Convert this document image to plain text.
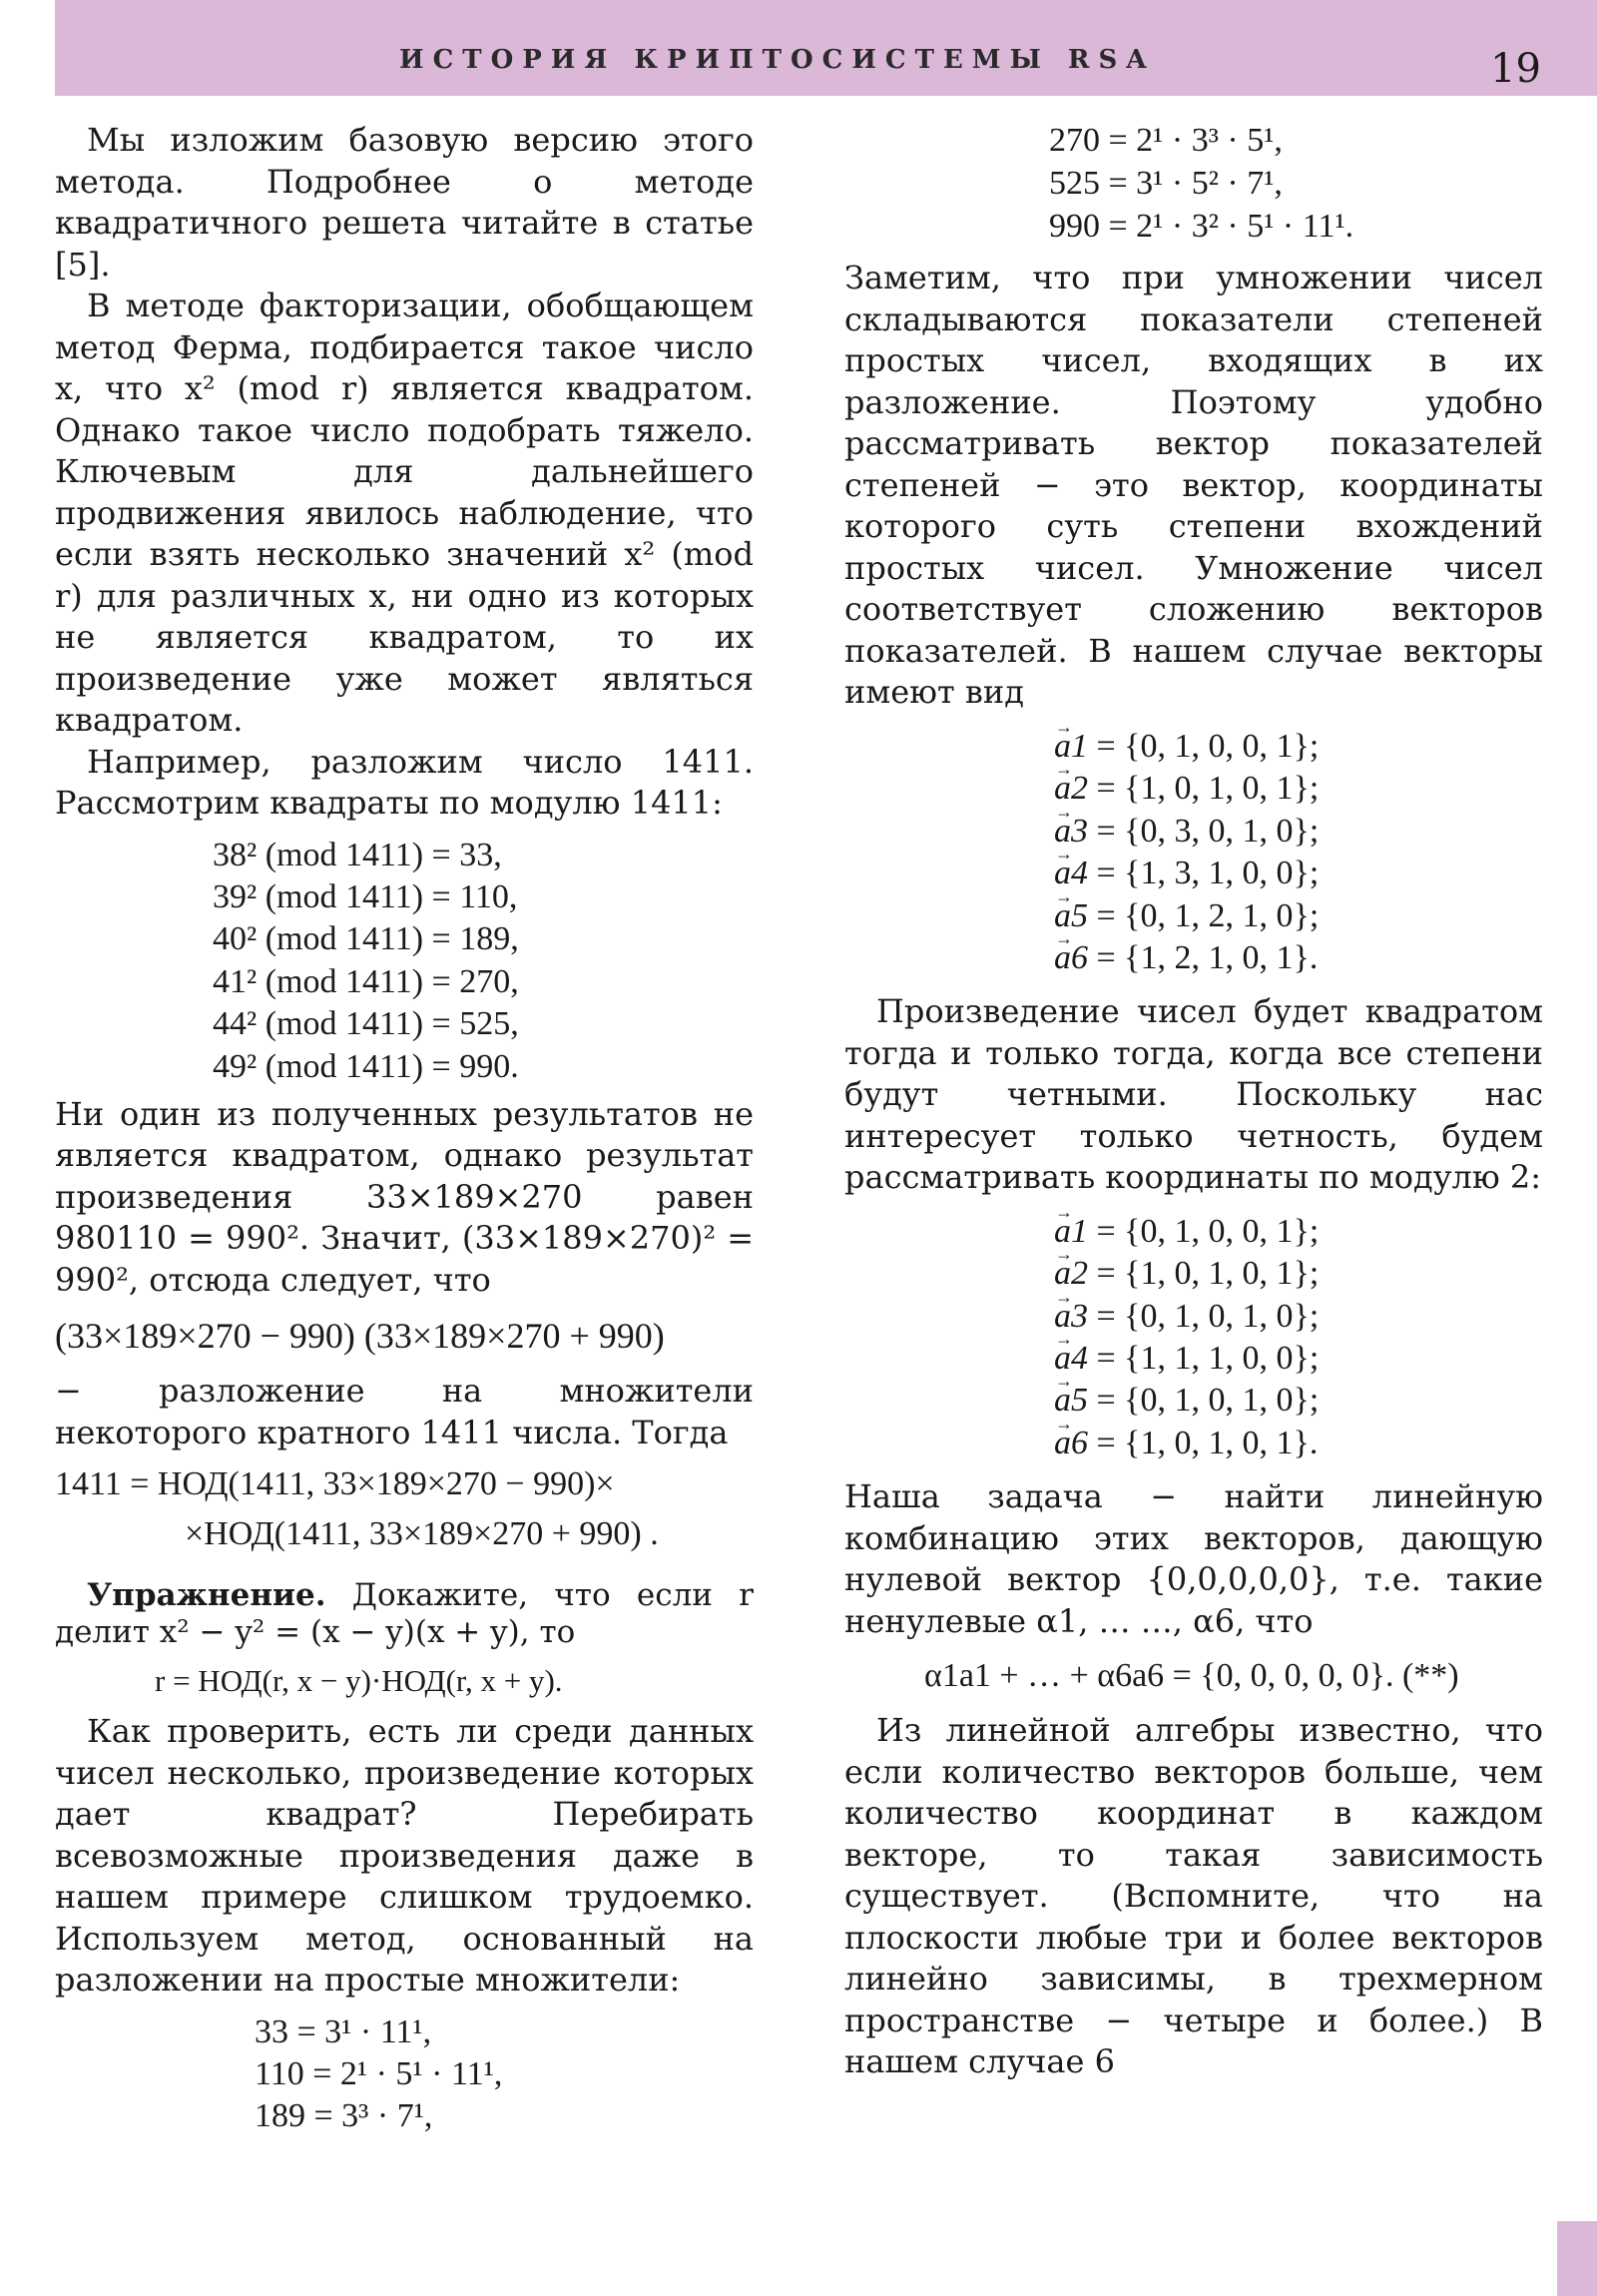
ИСТОРИЯ КРИПТОСИСТЕМЫ RSA	19

Мы изложим базовую версию этого метода. Подробнее о методе квадратичного решета читайте в статье [5].

В методе факторизации, обобщающем метод Ферма, подбирается такое число x, что x² (mod r) является квадратом. Однако такое число подобрать тяжело. Ключевым для дальнейшего продвижения явилось наблюдение, что если взять несколько значений x² (mod r) для различных x, ни одно из которых не является квадратом, то их произведение уже может являться квадратом.

Например, разложим число 1411. Рассмотрим квадраты по модулю 1411:

38² (mod 1411) = 33,
39² (mod 1411) = 110,
40² (mod 1411) = 189,
41² (mod 1411) = 270,
44² (mod 1411) = 525,
49² (mod 1411) = 990.

Ни один из полученных результатов не является квадратом, однако результат произведения 33×189×270 равен 980110 = 990². Значит, (33×189×270)² = 990², отсюда следует, что

(33×189×270 − 990) (33×189×270 + 990)

− разложение на множители некоторого кратного 1411 числа. Тогда

1411 = НОД(1411, 33×189×270 − 990)×
×НОД(1411, 33×189×270 + 990) .

Упражнение. Докажите, что если r делит x² − y² = (x − y)(x + y), то

r = НОД(r, x − y)·НОД(r, x + y).

Как проверить, есть ли среди данных чисел несколько, произведение которых дает квадрат? Перебирать всевозможные произведения даже в нашем примере слишком трудоемко. Используем метод, основанный на разложении на простые множители:

33 = 3¹ · 11¹,
110 = 2¹ · 5¹ · 11¹,
189 = 3³ · 7¹,
270 = 2¹ · 3³ · 5¹,
525 = 3¹ · 5² · 7¹,
990 = 2¹ · 3² · 5¹ · 11¹.

Заметим, что при умножении чисел складываются показатели степеней простых чисел, входящих в их разложение. Поэтому удобно рассматривать вектор показателей степеней − это вектор, координаты которого суть степени вхождений простых чисел. Умножение чисел соответствует сложению векторов показателей. В нашем случае векторы имеют вид

→ a1 = {0, 1, 0, 0, 1};
→ a2 = {1, 0, 1, 0, 1};
→ a3 = {0, 3, 0, 1, 0};
→ a4 = {1, 3, 1, 0, 0};
→ a5 = {0, 1, 2, 1, 0};
→ a6 = {1, 2, 1, 0, 1}.

Произведение чисел будет квадратом тогда и только тогда, когда все степени будут четными. Поскольку нас интересует только четность, будем рассматривать координаты по модулю 2:

→ a1 = {0, 1, 0, 0, 1};
→ a2 = {1, 0, 1, 0, 1};
→ a3 = {0, 1, 0, 1, 0};
→ a4 = {1, 1, 1, 0, 0};
→ a5 = {0, 1, 0, 1, 0};
→ a6 = {1, 0, 1, 0, 1}.

Наша задача − найти линейную комбинацию этих векторов, дающую нулевой вектор {0,0,0,0,0}, т.е. такие ненулевые α1, … …, α6, что

α1a1 + … + α6a6 = {0, 0, 0, 0, 0}. (**)

Из линейной алгебры известно, что если количество векторов больше, чем количество координат в каждом векторе, то такая зависимость существует. (Вспомните, что на плоскости любые три и более векторов линейно зависимы, в трехмерном пространстве − четыре и более.) В нашем случае 6
